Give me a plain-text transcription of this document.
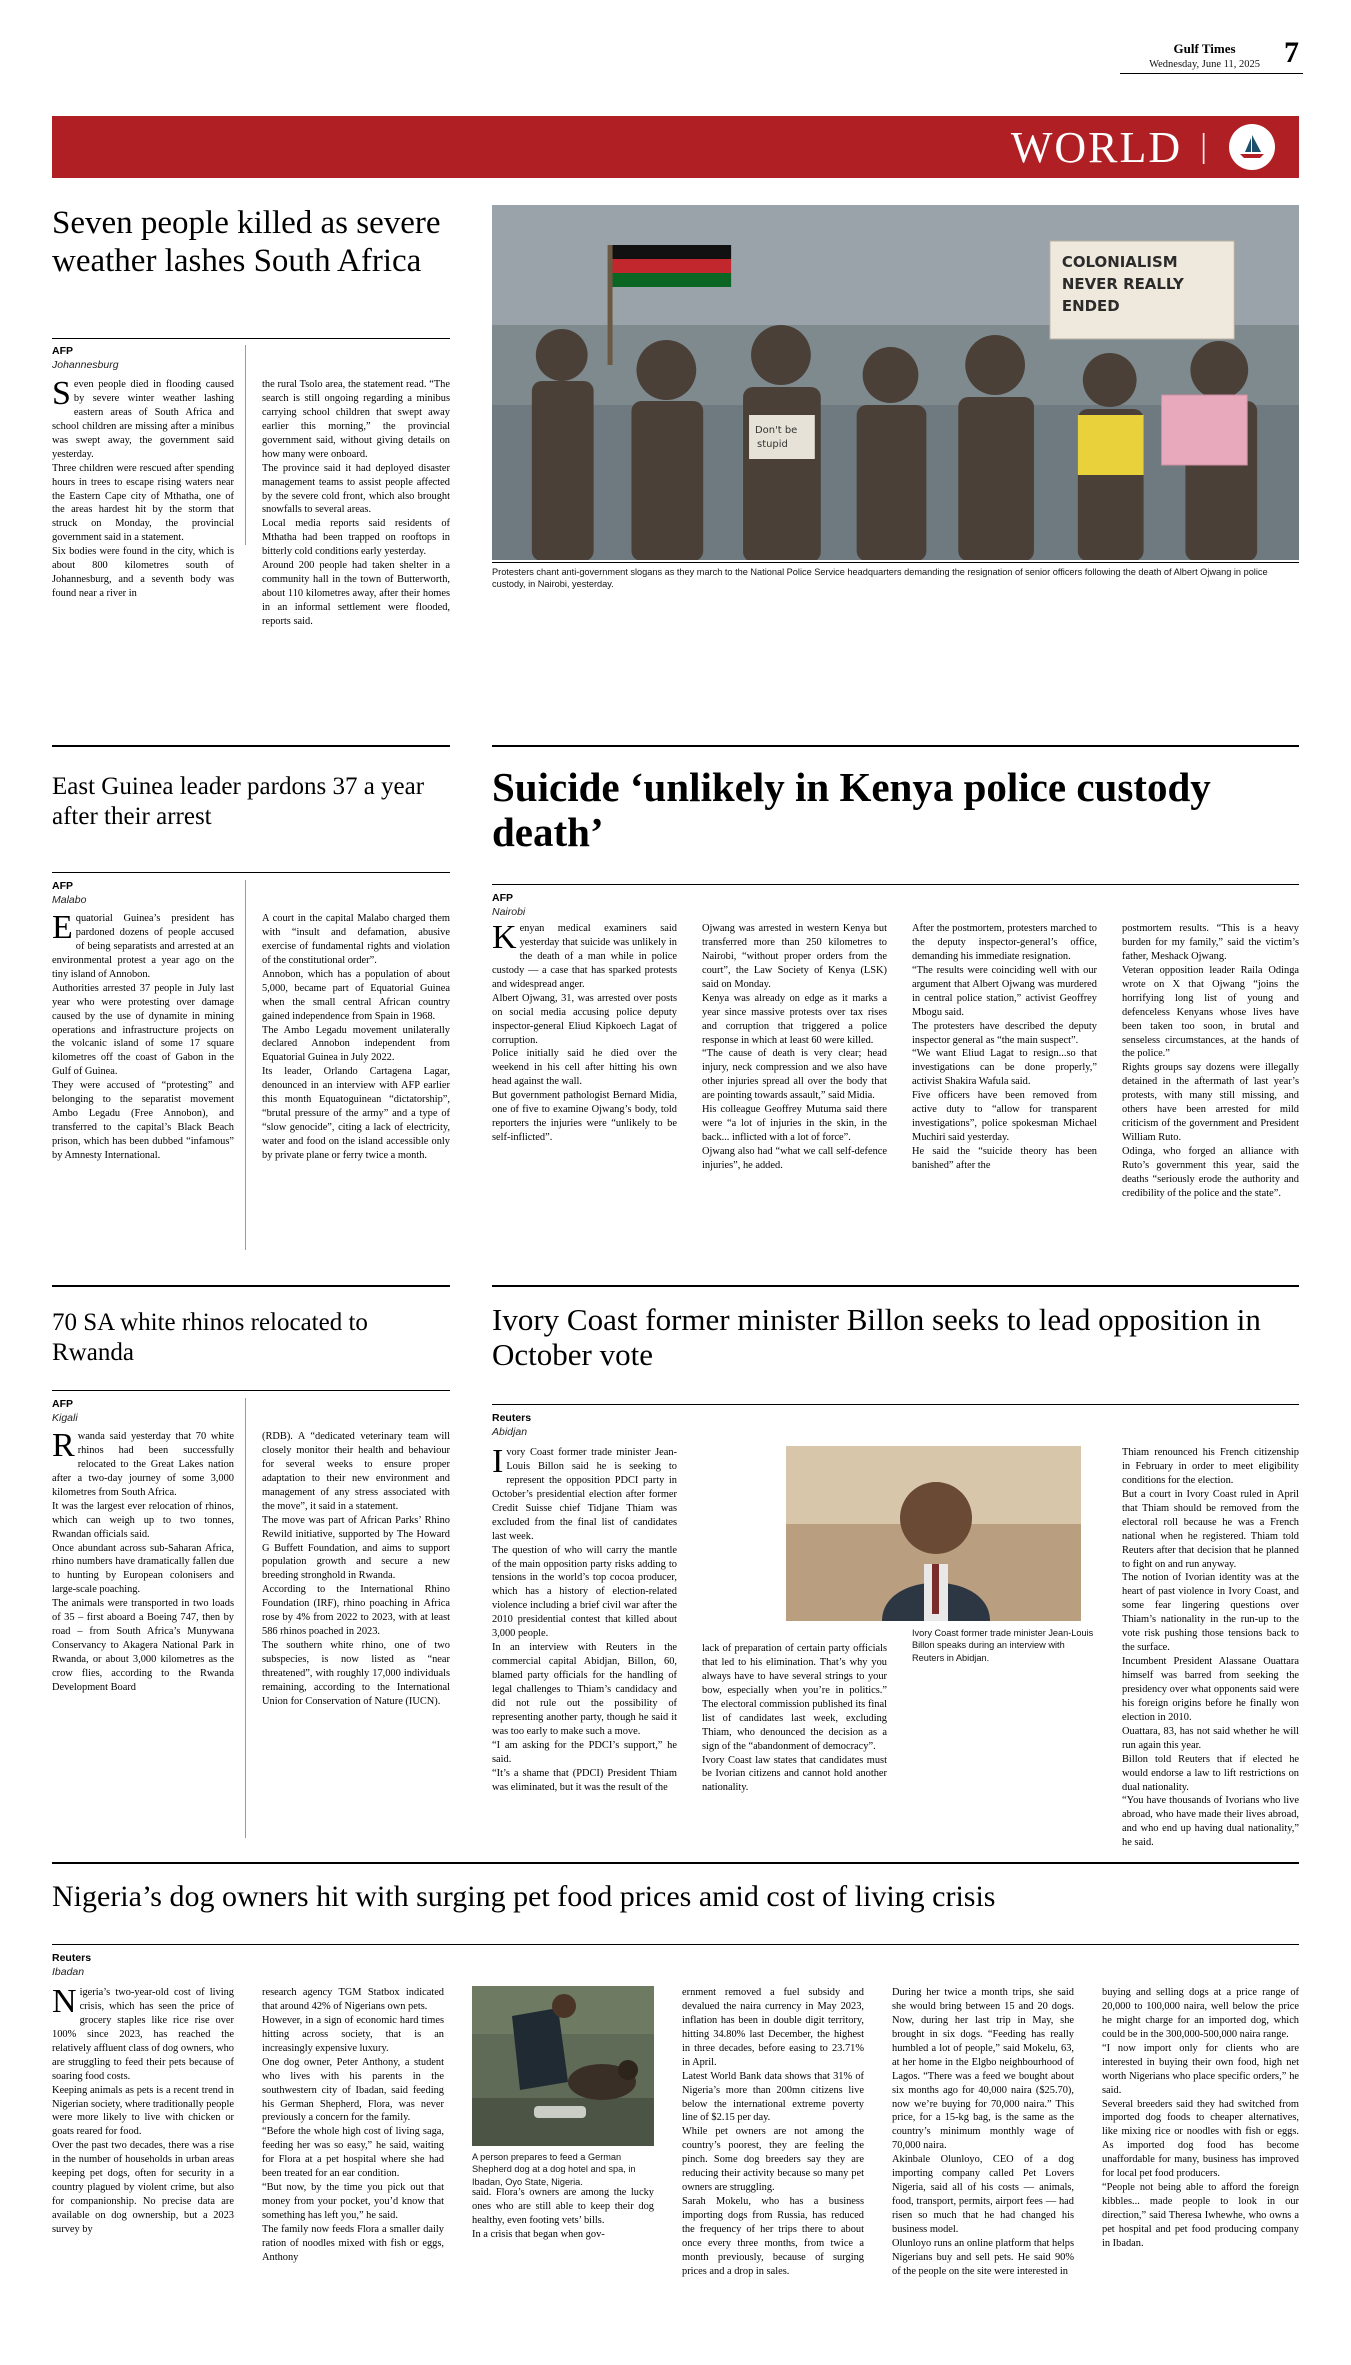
Gulf Times
Wednesday, June 11, 2025 7
WORLD |
Seven people killed as severe weather lashes South Africa
AFP
Johannesburg

Seven people died in flooding caused by severe winter weather lashing eastern areas of South Africa and school children are missing after a minibus was swept away, the government said yesterday.

Three children were rescued after spending hours in trees to escape rising waters near the Eastern Cape city of Mthatha, one of the areas hardest hit by the storm that struck on Monday, the provincial government said in a statement.

Six bodies were found in the city, which is about 800 kilometres south of Johannesburg, and a seventh body was found near a river in

the rural Tsolo area, the statement read. “The search is still ongoing regarding a minibus carrying school children that swept away earlier this morning,” the provincial government said, without giving details on how many were onboard.

The province said it had deployed disaster management teams to assist people affected by the severe cold front, which also brought snowfalls to several areas.

Local media reports said residents of Mthatha had been trapped on rooftops in bitterly cold conditions early yesterday.

Around 200 people had taken shelter in a community hall in the town of Butterworth, about 110 kilometres away, after their homes in an informal settlement were flooded, reports said.

COLONIALISM
NEVER REALLY
ENDED
Don't be
stupid
Protesters chant anti-government slogans as they march to the National Police Service headquarters demanding the resignation of senior officers following the death of Albert Ojwang in police custody, in Nairobi, yesterday.
East Guinea leader pardons 37 a year after their arrest
AFP
Malabo

Equatorial Guinea’s president has pardoned dozens of people accused of being separatists and arrested at an environmental protest a year ago on the tiny island of Annobon.

Authorities arrested 37 people in July last year who were protesting over damage caused by the use of dynamite in mining operations and infrastructure projects on the volcanic island of some 17 square kilometres off the coast of Gabon in the Gulf of Guinea.

They were accused of “protesting” and belonging to the separatist movement Ambo Legadu (Free Annobon), and transferred to the capital’s Black Beach prison, which has been dubbed “infamous” by Amnesty International.

A court in the capital Malabo charged them with “insult and defamation, abusive exercise of fundamental rights and violation of the constitutional order”.

Annobon, which has a population of about 5,000, became part of Equatorial Guinea when the small central African country gained independence from Spain in 1968.

The Ambo Legadu movement unilaterally declared Annobon independent from Equatorial Guinea in July 2022.

Its leader, Orlando Cartagena Lagar, denounced in an interview with AFP earlier this month Equatoguinean “dictatorship”, “brutal pressure of the army” and a type of “slow genocide”, citing a lack of electricity, water and food on the island accessible only by private plane or ferry twice a month.

Suicide ‘unlikely in Kenya police custody death’
AFP
Nairobi

Kenyan medical examiners said yesterday that suicide was unlikely in the death of a man while in police custody — a case that has sparked protests and widespread anger.

Albert Ojwang, 31, was arrested over posts on social media accusing police deputy inspector-general Eliud Kipkoech Lagat of corruption.

Police initially said he died over the weekend in his cell after hitting his own head against the wall.

But government pathologist Bernard Midia, one of five to examine Ojwang’s body, told reporters the injuries were “unlikely to be self-inflicted”.

Ojwang was arrested in western Kenya but transferred more than 250 kilometres to Nairobi, “without proper orders from the court”, the Law Society of Kenya (LSK) said on Monday.

Kenya was already on edge as it marks a year since massive protests over tax rises and corruption that triggered a police response in which at least 60 were killed.

“The cause of death is very clear; head injury, neck compression and we also have other injuries spread all over the body that are pointing towards assault,” said Midia.

His colleague Geoffrey Mutuma said there were “a lot of injuries in the skin, in the back... inflicted with a lot of force”.

Ojwang also had “what we call self-defence injuries”, he added.

After the postmortem, protesters marched to the deputy inspector-general’s office, demanding his immediate resignation.

“The results were coinciding well with our argument that Albert Ojwang was murdered in central police station,” activist Geoffrey Mbogu said.

The protesters have described the deputy inspector general as “the main suspect”.

“We want Eliud Lagat to resign...so that investigations can be done properly,” activist Shakira Wafula said.

Five officers have been removed from active duty to “allow for transparent investigations”, police spokesman Michael Muchiri said yesterday.

He said the “suicide theory has been banished” after the

postmortem results. “This is a heavy burden for my family,” said the victim’s father, Meshack Ojwang.

Veteran opposition leader Raila Odinga wrote on X that Ojwang “joins the horrifying long list of young and defenceless Kenyans whose lives have been taken too soon, in brutal and senseless circumstances, at the hands of the police.”

Rights groups say dozens were illegally detained in the aftermath of last year’s protests, with many still missing, and others have been arrested for mild criticism of the government and President William Ruto.

Odinga, who forged an alliance with Ruto’s government this year, said the deaths “seriously erode the authority and credibility of the police and the state”.

70 SA white rhinos relocated to Rwanda
AFP
Kigali

Rwanda said yesterday that 70 white rhinos had been successfully relocated to the Great Lakes nation after a two-day journey of some 3,000 kilometres from South Africa.

It was the largest ever relocation of rhinos, which can weigh up to two tonnes, Rwandan officials said.

Once abundant across sub-Saharan Africa, rhino numbers have dramatically fallen due to hunting by European colonisers and large-scale poaching.

The animals were transported in two loads of 35 – first aboard a Boeing 747, then by road – from South Africa’s Munywana Conservancy to Akagera National Park in Rwanda, or about 3,000 kilometres as the crow flies, according to the Rwanda Development Board

(RDB). A “dedicated veterinary team will closely monitor their health and behaviour for several weeks to ensure proper adaptation to their new environment and management of any stress associated with the move”, it said in a statement.

The move was part of African Parks’ Rhino Rewild initiative, supported by The Howard G Buffett Foundation, and aims to support population growth and secure a new breeding stronghold in Rwanda.

According to the International Rhino Foundation (IRF), rhino poaching in Africa rose by 4% from 2022 to 2023, with at least 586 rhinos poached in 2023.

The southern white rhino, one of two subspecies, is now listed as “near threatened”, with roughly 17,000 individuals remaining, according to the International Union for Conservation of Nature (IUCN).

Ivory Coast former minister Billon seeks to lead opposition in October vote
Reuters
Abidjan

Ivory Coast former trade minister Jean-Louis Billon said he is seeking to represent the opposition PDCI party in October’s presidential election after former Credit Suisse chief Tidjane Thiam was excluded from the final list of candidates last week.

The question of who will carry the mantle of the main opposition party risks adding to tensions in the world’s top cocoa producer, which has a history of election-related violence including a brief civil war after the 2010 presidential contest that killed about 3,000 people.

In an interview with Reuters in the commercial capital Abidjan, Billon, 60, blamed party officials for the handling of legal challenges to Thiam’s candidacy and did not rule out the possibility of representing another party, though he said it was too early to make such a move.

“I am asking for the PDCI’s support,” he said.

“It’s a shame that (PDCI) President Thiam was eliminated, but it was the result of the

Ivory Coast former trade minister Jean-Louis Billon speaks during an interview with Reuters in Abidjan.

lack of preparation of certain party officials that led to his elimination. That’s why you always have to have several strings to your bow, especially when you’re in politics.” The electoral commission published its final list of candidates last week, excluding Thiam, who denounced the decision as a sign of the “abandonment of democracy”.

Ivory Coast law states that candidates must be Ivorian citizens and cannot hold another nationality.

Thiam renounced his French citizenship in February in order to meet eligibility conditions for the election.

But a court in Ivory Coast ruled in April that Thiam should be removed from the electoral roll because he was a French national when he registered. Thiam told Reuters after that decision that he planned to fight on and run anyway.

The notion of Ivorian identity was at the heart of past violence in Ivory Coast, and some fear lingering questions over Thiam’s nationality in the run-up to the vote risk pushing those tensions back to the surface.

Incumbent President Alassane Ouattara himself was barred from seeking the presidency over what opponents said were his foreign origins before he finally won election in 2010.

Ouattara, 83, has not said whether he will run again this year.

Billon told Reuters that if elected he would endorse a law to lift restrictions on dual nationality.

“You have thousands of Ivorians who live abroad, who have made their lives abroad, and who end up having dual nationality,” he said.

Nigeria’s dog owners hit with surging pet food prices amid cost of living crisis
Reuters
Ibadan

Nigeria’s two-year-old cost of living crisis, which has seen the price of grocery staples like rice rise over 100% since 2023, has reached the relatively affluent class of dog owners, who are struggling to feed their pets because of soaring food costs.

Keeping animals as pets is a recent trend in Nigerian society, where traditionally people were more likely to live with chicken or goats reared for food.

Over the past two decades, there was a rise in the number of households in urban areas keeping pet dogs, often for security in a country plagued by violent crime, but also for companionship. No precise data are available on dog ownership, but a 2023 survey by

research agency TGM Statbox indicated that around 42% of Nigerians own pets.

However, in a sign of economic hard times hitting across society, that is an increasingly expensive luxury.

One dog owner, Peter Anthony, a student who lives with his parents in the southwestern city of Ibadan, said feeding his German Shepherd, Flora, was never previously a concern for the family.

“Before the whole high cost of living saga, feeding her was so easy,” he said, waiting for Flora at a pet hospital where she had been treated for an ear condition.

“But now, by the time you pick out that money from your pocket, you’d know that something has left you,” he said.

The family now feeds Flora a smaller daily ration of noodles mixed with fish or eggs, Anthony

A person prepares to feed a German Shepherd dog at a dog hotel and spa, in Ibadan, Oyo State, Nigeria.

said. Flora’s owners are among the lucky ones who are still able to keep their dog healthy, even footing vets’ bills.

In a crisis that began when gov-

ernment removed a fuel subsidy and devalued the naira currency in May 2023, inflation has been in double digit territory, hitting 34.80% last December, the highest in three decades, before easing to 23.71% in April.

Latest World Bank data shows that 31% of Nigeria’s more than 200mn citizens live below the international extreme poverty line of $2.15 per day.

While pet owners are not among the country’s poorest, they are feeling the pinch. Some dog breeders say they are reducing their activity because so many pet owners are struggling.

Sarah Mokelu, who has a business importing dogs from Russia, has reduced the frequency of her trips there to about once every three months, from twice a month previously, because of surging prices and a drop in sales.

During her twice a month trips, she said she would bring between 15 and 20 dogs. Now, during her last trip in May, she brought in six dogs. “Feeding has really humbled a lot of people,” said Mokelu, 63, at her home in the Elgbo neighbourhood of Lagos. “There was a feed we bought about six months ago for 40,000 naira ($25.70), now we’re buying for 70,000 naira.” This price, for a 15-kg bag, is the same as the country’s minimum monthly wage of 70,000 naira.

Akinbale Olunloyo, CEO of a dog importing company called Pet Lovers Nigeria, said all of his costs — animals, food, transport, permits, airport fees — had risen so much that he had changed his business model.

Olunloyo runs an online platform that helps Nigerians buy and sell pets. He said 90% of the people on the site were interested in

buying and selling dogs at a price range of 20,000 to 100,000 naira, well below the price he might charge for an imported dog, which could be in the 300,000-500,000 naira range.

“I now import only for clients who are interested in buying their own food, high net worth Nigerians who place specific orders,” he said.

Several breeders said they had switched from imported dog foods to cheaper alternatives, like mixing rice or noodles with fish or eggs. As imported dog food has become unaffordable for many, business has improved for local pet food producers.

“People not being able to afford the foreign kibbles... made people to look in our direction,” said Theresa Iwhewhe, who owns a pet hospital and pet food producing company in Ibadan.
